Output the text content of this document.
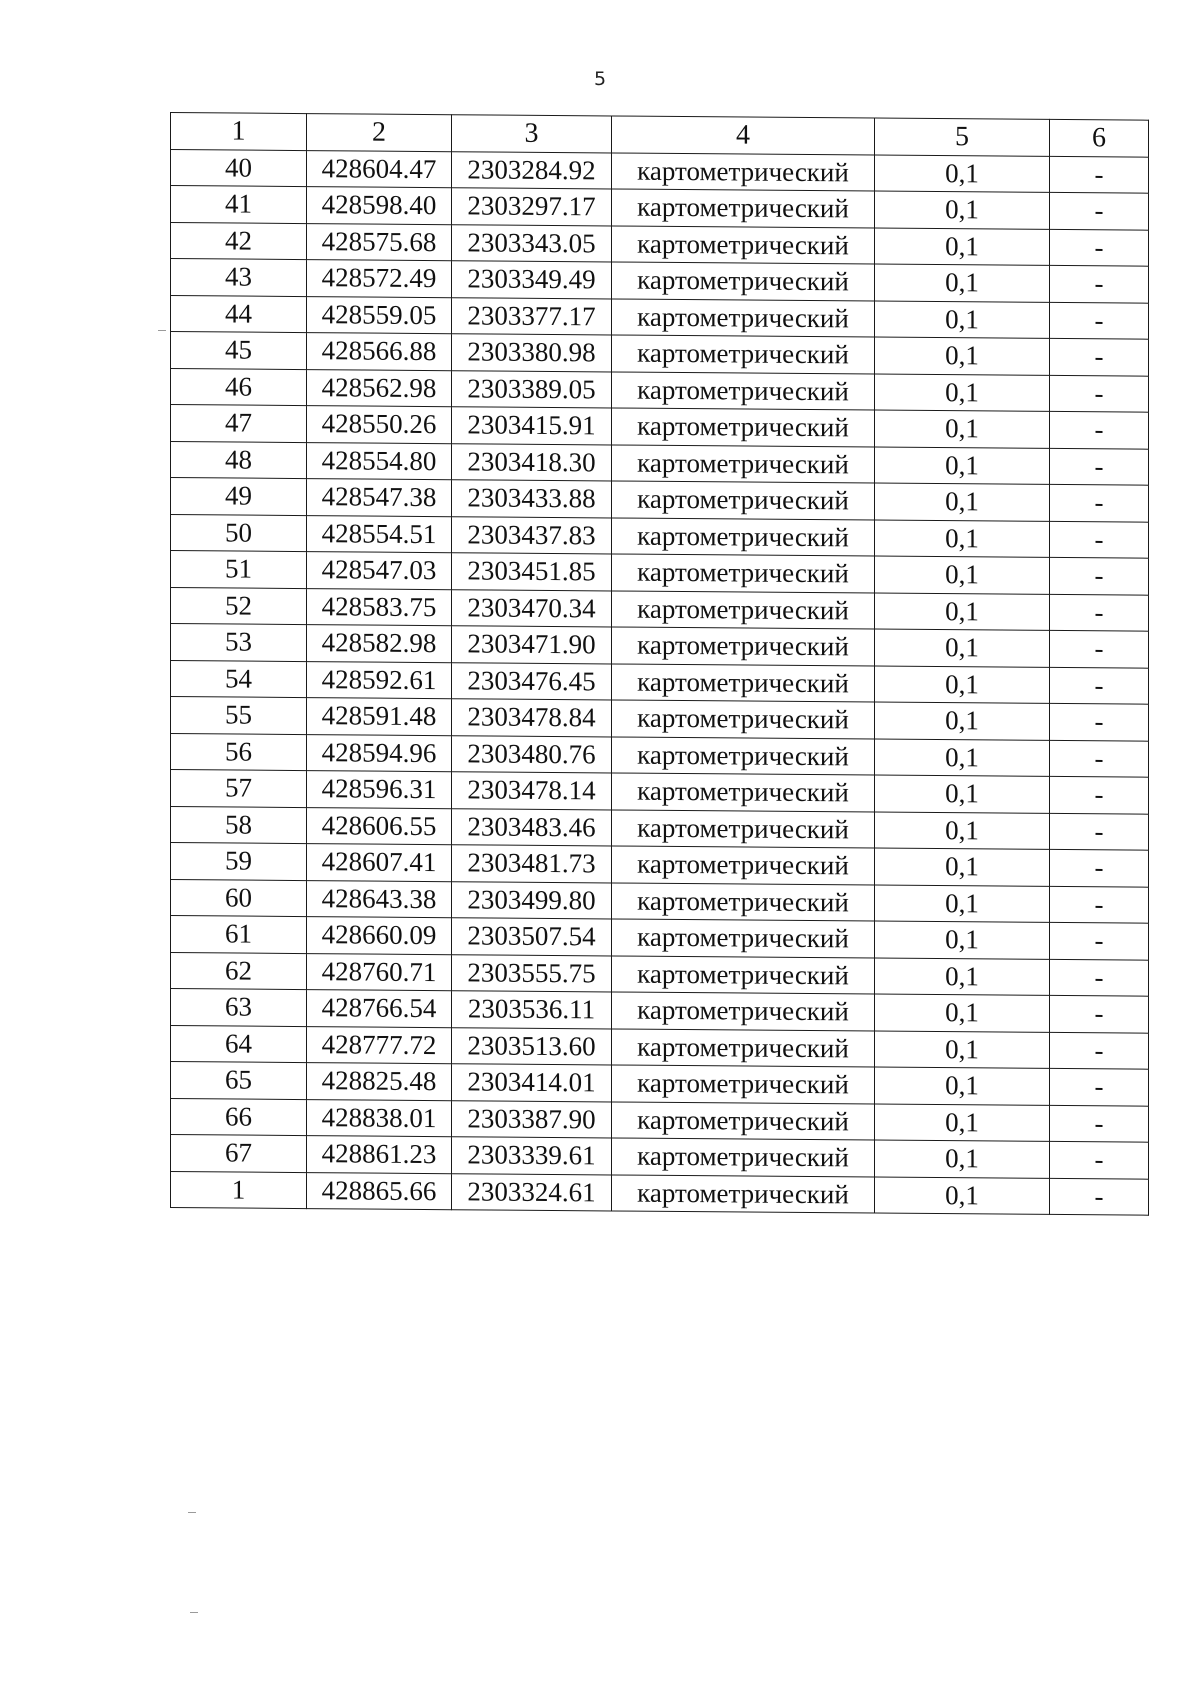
5
1	2	3	4	5	6
40	428604.47	2303284.92	картометрический	0,1	-
41	428598.40	2303297.17	картометрический	0,1	-
42	428575.68	2303343.05	картометрический	0,1	-
43	428572.49	2303349.49	картометрический	0,1	-
44	428559.05	2303377.17	картометрический	0,1	-
45	428566.88	2303380.98	картометрический	0,1	-
46	428562.98	2303389.05	картометрический	0,1	-
47	428550.26	2303415.91	картометрический	0,1	-
48	428554.80	2303418.30	картометрический	0,1	-
49	428547.38	2303433.88	картометрический	0,1	-
50	428554.51	2303437.83	картометрический	0,1	-
51	428547.03	2303451.85	картометрический	0,1	-
52	428583.75	2303470.34	картометрический	0,1	-
53	428582.98	2303471.90	картометрический	0,1	-
54	428592.61	2303476.45	картометрический	0,1	-
55	428591.48	2303478.84	картометрический	0,1	-
56	428594.96	2303480.76	картометрический	0,1	-
57	428596.31	2303478.14	картометрический	0,1	-
58	428606.55	2303483.46	картометрический	0,1	-
59	428607.41	2303481.73	картометрический	0,1	-
60	428643.38	2303499.80	картометрический	0,1	-
61	428660.09	2303507.54	картометрический	0,1	-
62	428760.71	2303555.75	картометрический	0,1	-
63	428766.54	2303536.11	картометрический	0,1	-
64	428777.72	2303513.60	картометрический	0,1	-
65	428825.48	2303414.01	картометрический	0,1	-
66	428838.01	2303387.90	картометрический	0,1	-
67	428861.23	2303339.61	картометрический	0,1	-
1	428865.66	2303324.61	картометрический	0,1	-
